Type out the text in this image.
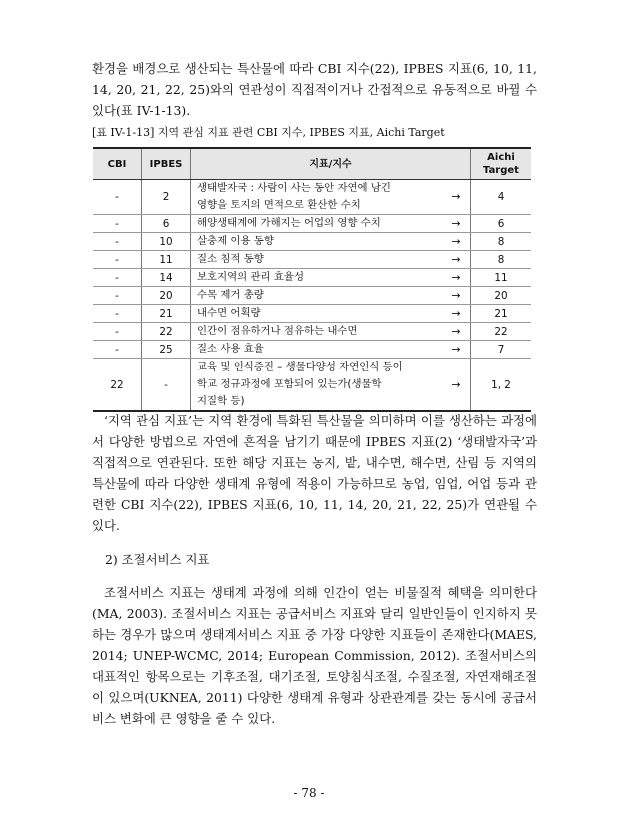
환경을 배경으로 생산되는 특산물에 따라 CBI 지수(22), IPBES 지표(6, 10, 11, 14, 20, 21, 22, 25)와의 연관성이 직접적이거나 간접적으로 유동적으로 바뀔 수 있다(표 IV-1-13).

[표 IV-1-13] 지역 관심 지표 관련 CBI 지수, IPBES 지표, Aichi Target
CBI	IPBES	지표/지수		Aichi Target
-	2	생태발자국 : 사람이 사는 동안 자연에 남긴
영향을 토지의 면적으로 환산한 수치	→	4
-	6	해양생태계에 가해지는 어업의 영향 수치	→	6
-	10	살충제 이용 동향	→	8
-	11	질소 침적 동향	→	8
-	14	보호지역의 관리 효율성	→	11
-	20	수목 제거 총량	→	20
-	21	내수면 어획량	→	21
-	22	인간이 점유하거나 점유하는 내수면	→	22
-	25	질소 사용 효율	→	7
22	-	교육 및 인식증진 – 생물다양성 자연인식 등이
학교 정규과정에 포함되어 있는가(생물학
지질학 등)	→	1, 2

‘지역 관심 지표’는 지역 환경에 특화된 특산물을 의미하며 이를 생산하는 과정에서 다양한 방법으로 자연에 흔적을 남기기 때문에 IPBES 지표(2) ‘생태발자국’과 직접적으로 연관된다. 또한 해당 지표는 농지, 밭, 내수면, 해수면, 산림 등 지역의 특산물에 따라 다양한 생태계 유형에 적용이 가능하므로 농업, 임업, 어업 등과 관련한 CBI 지수(22), IPBES 지표(6, 10, 11, 14, 20, 21, 22, 25)가 연관될 수 있다.

2) 조절서비스 지표

조절서비스 지표는 생태계 과정에 의해 인간이 얻는 비물질적 혜택을 의미한다(MA, 2003). 조절서비스 지표는 공급서비스 지표와 달리 일반인들이 인지하지 못하는 경우가 많으며 생태계서비스 지표 중 가장 다양한 지표들이 존재한다(MAES, 2014; UNEP-WCMC, 2014; European Commission, 2012). 조절서비스의 대표적인 항목으로는 기후조절, 대기조절, 토양침식조절, 수질조절, 자연재해조절이 있으며(UKNEA, 2011) 다양한 생태계 유형과 상관관계를 갖는 동시에 공급서비스 변화에 큰 영향을 줄 수 있다.

- 78 -
